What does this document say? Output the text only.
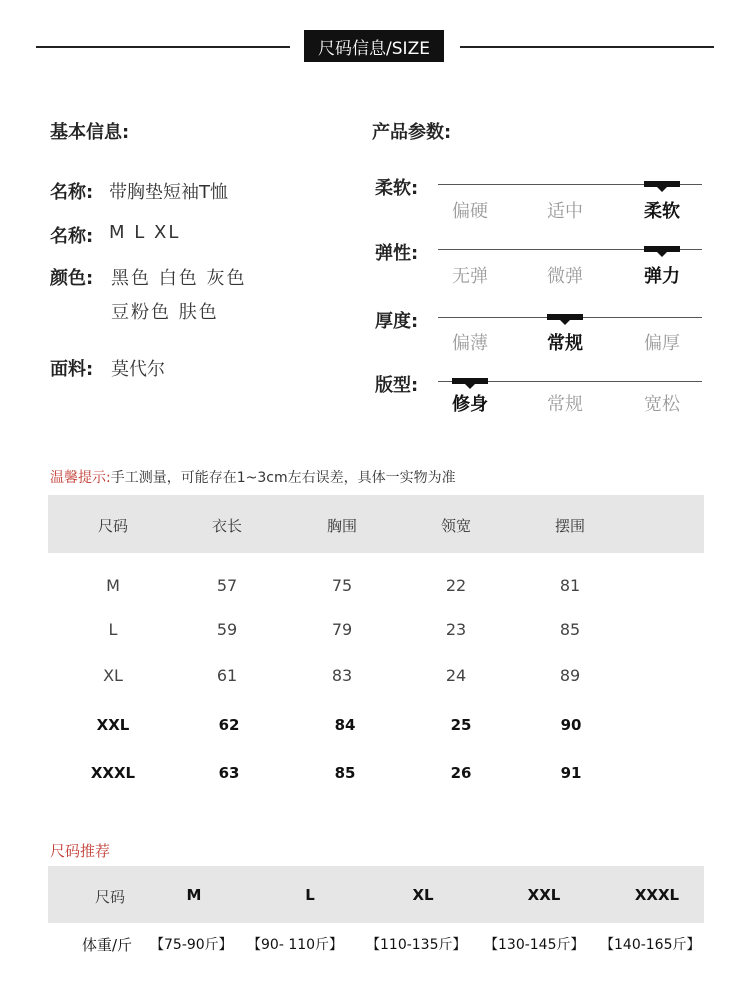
尺码信息/SIZE
基本信息:
名称: 带胸垫短袖T恤
名称: M L XL
颜色: 黑色 白色 灰色
豆粉色 肤色
面料: 莫代尔
产品参数:
柔软:
偏硬	适中	柔软
弹性:
无弹	微弹	弹力
厚度:
偏薄	常规	偏厚
版型:
修身	常规	宽松
温馨提示:手工测量，可能存在1~3cm左右误差，具体一实物为准
尺码	衣长	胸围	领宽	摆围
M	57	75	22	81
L	59	79	23	85
XL	61	83	24	89
XXL	62	84	25	90
XXXL	63	85	26	91
尺码推荐
尺码	M	L	XL	XXL	XXXL
体重/斤 【75-90斤】 【90- 110斤】 【110-135斤】 【130-145斤】 【140-165斤】
